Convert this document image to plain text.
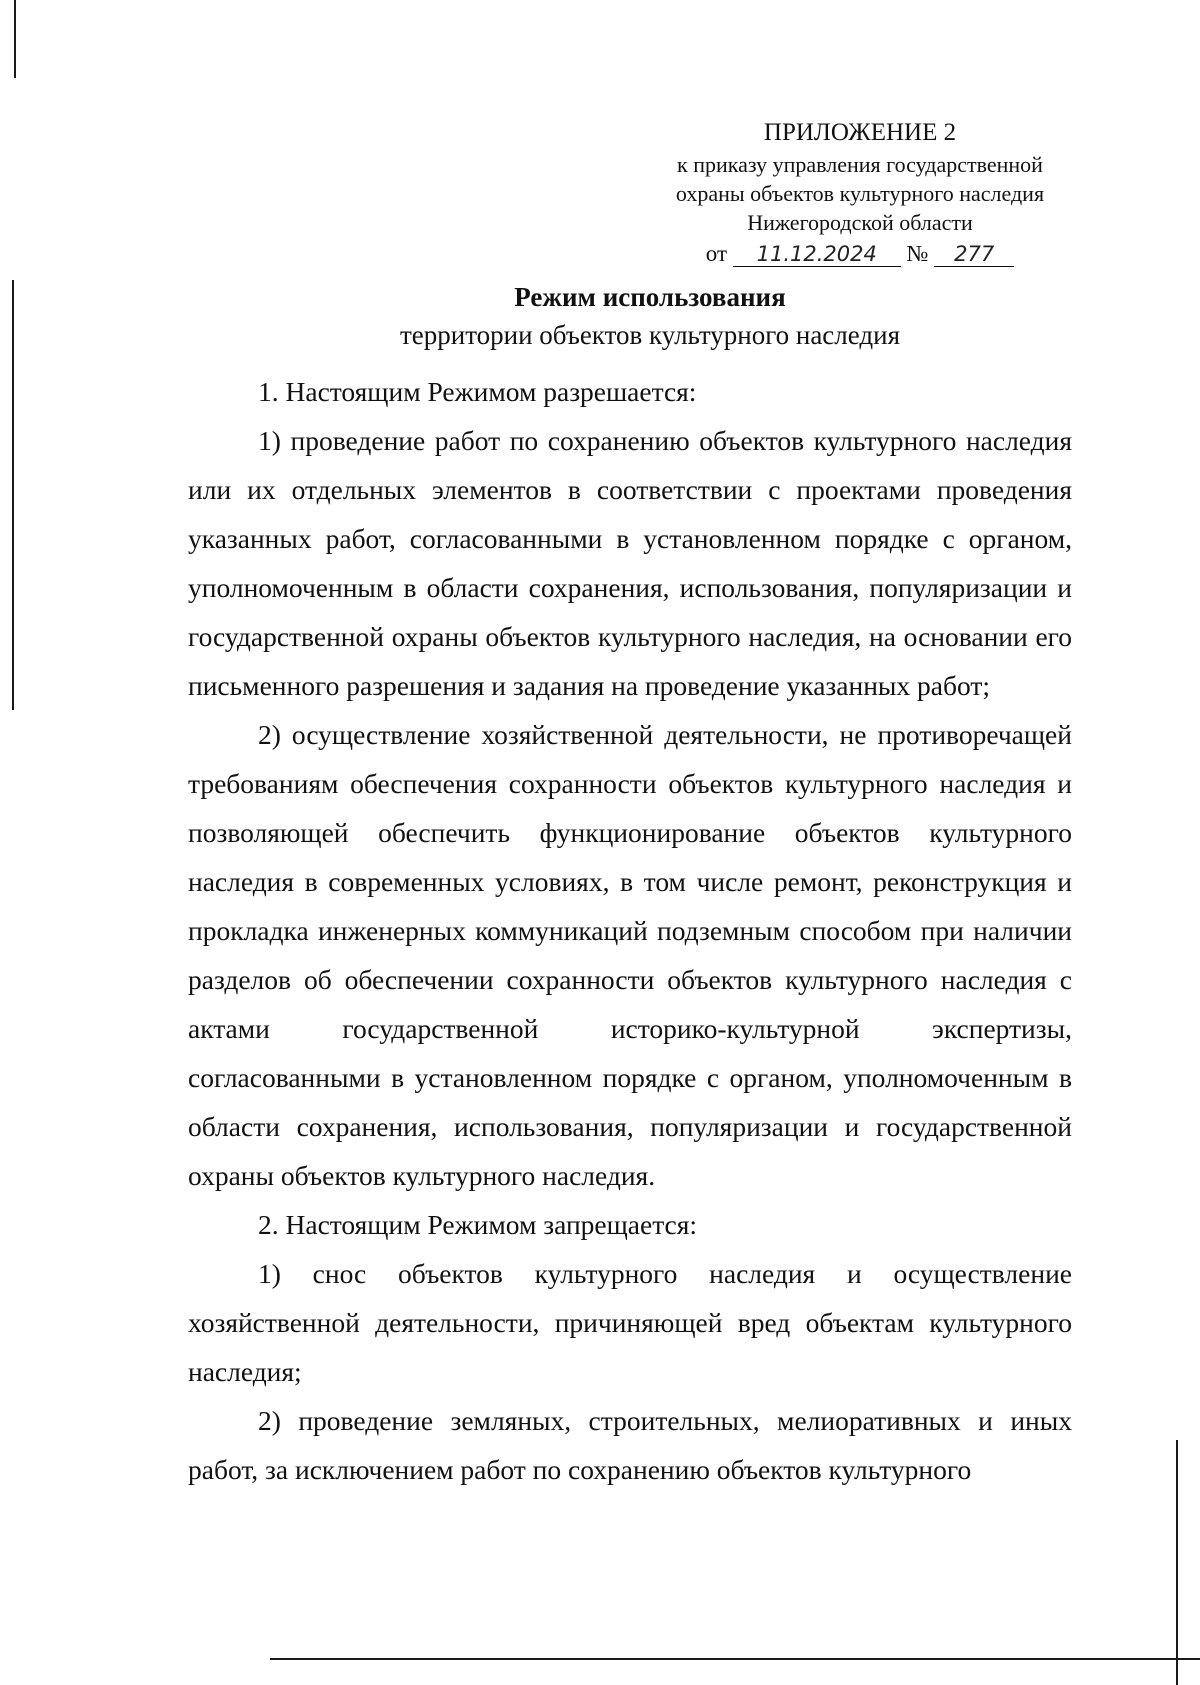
ПРИЛОЖЕНИЕ 2
к приказу управления государственной
охраны объектов культурного наследия
Нижегородской области
от 11.12.2024 № 277
Режим использования
территории объектов культурного наследия

1. Настоящим Режимом разрешается:

1) проведение работ по сохранению объектов культурного наследия или их отдельных элементов в соответствии с проектами проведения указанных работ, согласованными в установленном порядке с органом, уполномоченным в области сохранения, использования, популяризации и государственной охраны объектов культурного наследия, на основании его письменного разрешения и задания на проведение указанных работ;

2) осуществление хозяйственной деятельности, не противоречащей требованиям обеспечения сохранности объектов культурного наследия и позволяющей обеспечить функционирование объектов культурного наследия в современных условиях, в том числе ремонт, реконструкция и прокладка инженерных коммуникаций подземным способом при наличии разделов об обеспечении сохранности объектов культурного наследия с актами государственной историко-культурной экспертизы, согласованными в установленном порядке с органом, уполномоченным в области сохранения, использования, популяризации и государственной охраны объектов культурного наследия.

2. Настоящим Режимом запрещается:

1) снос объектов культурного наследия и осуществление хозяйственной деятельности, причиняющей вред объектам культурного наследия;

2) проведение земляных, строительных, мелиоративных и иных работ, за исключением работ по сохранению объектов культурного
